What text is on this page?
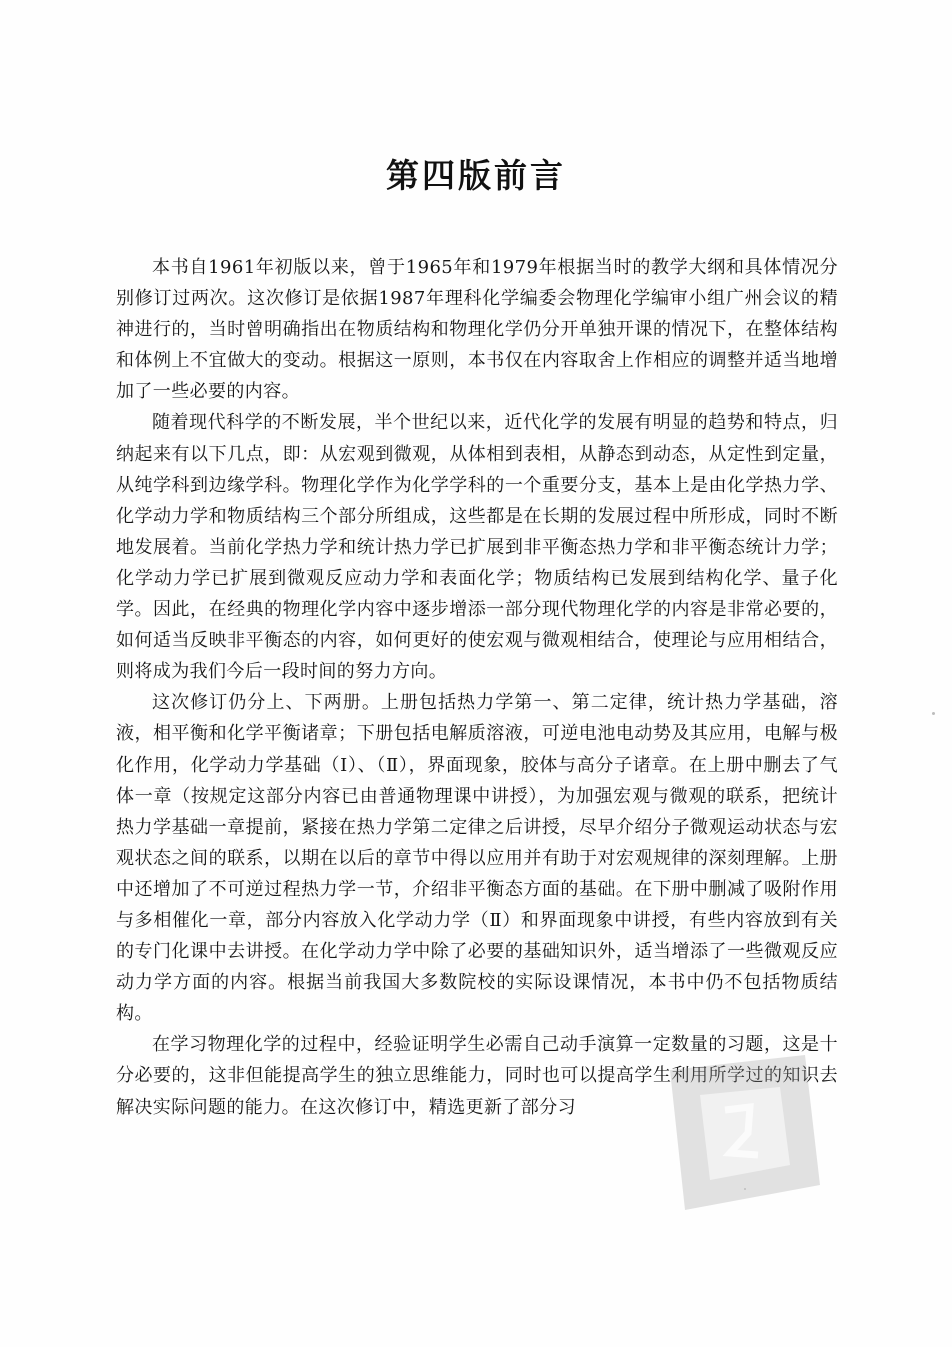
第四版前言

本书自1961年初版以来，曾于1965年和1979年根据当时的教学大纲和具体情况分别修订过两次。这次修订是依据1987年理科化学编委会物理化学编审小组广州会议的精神进行的，当时曾明确指出在物质结构和物理化学仍分开单独开课的情况下，在整体结构和体例上不宜做大的变动。根据这一原则，本书仅在内容取舍上作相应的调整并适当地增加了一些必要的内容。

随着现代科学的不断发展，半个世纪以来，近代化学的发展有明显的趋势和特点，归纳起来有以下几点，即：从宏观到微观，从体相到表相，从静态到动态，从定性到定量，从纯学科到边缘学科。物理化学作为化学学科的一个重要分支，基本上是由化学热力学、化学动力学和物质结构三个部分所组成，这些都是在长期的发展过程中所形成，同时不断地发展着。当前化学热力学和统计热力学已扩展到非平衡态热力学和非平衡态统计力学；化学动力学已扩展到微观反应动力学和表面化学；物质结构已发展到结构化学、量子化学。因此，在经典的物理化学内容中逐步增添一部分现代物理化学的内容是非常必要的，如何适当反映非平衡态的内容，如何更好的使宏观与微观相结合，使理论与应用相结合，则将成为我们今后一段时间的努力方向。

这次修订仍分上、下两册。上册包括热力学第一、第二定律，统计热力学基础，溶液，相平衡和化学平衡诸章；下册包括电解质溶液，可逆电池电动势及其应用，电解与极化作用，化学动力学基础（Ⅰ）、（Ⅱ），界面现象，胶体与高分子诸章。在上册中删去了气体一章（按规定这部分内容已由普通物理课中讲授），为加强宏观与微观的联系，把统计热力学基础一章提前，紧接在热力学第二定律之后讲授，尽早介绍分子微观运动状态与宏观状态之间的联系，以期在以后的章节中得以应用并有助于对宏观规律的深刻理解。上册中还增加了不可逆过程热力学一节，介绍非平衡态方面的基础。在下册中删减了吸附作用与多相催化一章，部分内容放入化学动力学（Ⅱ）和界面现象中讲授，有些内容放到有关的专门化课中去讲授。在化学动力学中除了必要的基础知识外，适当增添了一些微观反应动力学方面的内容。根据当前我国大多数院校的实际设课情况，本书中仍不包括物质结构。

在学习物理化学的过程中，经验证明学生必需自己动手演算一定数量的习题，这是十分必要的，这非但能提高学生的独立思维能力，同时也可以提高学生利用所学过的知识去解决实际问题的能力。在这次修订中，精选更新了部分习
